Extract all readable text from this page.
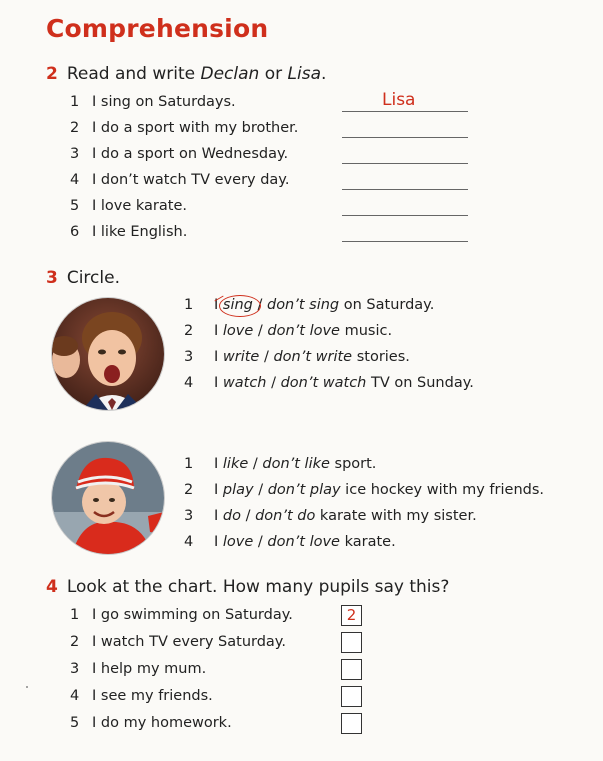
Comprehension
2 Read and write Declan or Lisa.
1 I sing on Saturdays.
2 I do a sport with my brother.
3 I do a sport on Wednesday.
4 I don’t watch TV every day.
5 I love karate.
6 I like English.
Lisa
3 Circle.
1 I sing / don’t sing on Saturday.
2 I love / don’t love music.
3 I write / don’t write stories.
4 I watch / don’t watch TV on Sunday.
1 I like / don’t like sport.
2 I play / don’t play ice hockey with my friends.
3 I do / don’t do karate with my sister.
4 I love / don’t love karate.
4 Look at the chart. How many pupils say this?
1 I go swimming on Saturday.
2 I watch TV every Saturday.
3 I help my mum.
4 I see my friends.
5 I do my homework.
2
